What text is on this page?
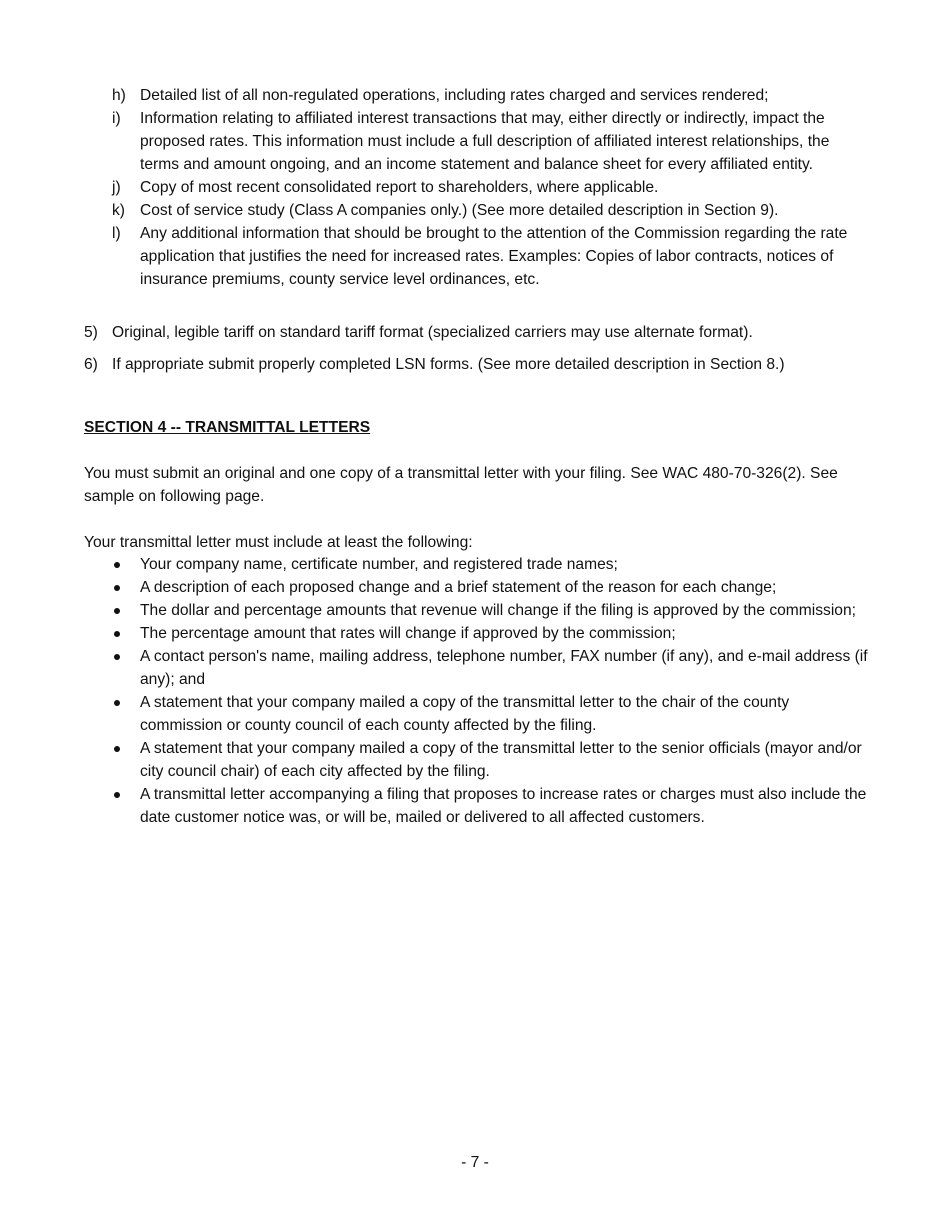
h) Detailed list of all non-regulated operations, including rates charged and services rendered;
i) Information relating to affiliated interest transactions that may, either directly or indirectly, impact the proposed rates. This information must include a full description of affiliated interest relationships, the terms and amount ongoing, and an income statement and balance sheet for every affiliated entity.
j) Copy of most recent consolidated report to shareholders, where applicable.
k) Cost of service study (Class A companies only.) (See more detailed description in Section 9).
l) Any additional information that should be brought to the attention of the Commission regarding the rate application that justifies the need for increased rates. Examples: Copies of labor contracts, notices of insurance premiums, county service level ordinances, etc.
5) Original, legible tariff on standard tariff format (specialized carriers may use alternate format).
6) If appropriate submit properly completed LSN forms. (See more detailed description in Section 8.)
SECTION 4 -- TRANSMITTAL LETTERS
You must submit an original and one copy of a transmittal letter with your filing. See WAC 480-70-326(2). See sample on following page.
Your transmittal letter must include at least the following:
Your company name, certificate number, and registered trade names;
A description of each proposed change and a brief statement of the reason for each change;
The dollar and percentage amounts that revenue will change if the filing is approved by the commission;
The percentage amount that rates will change if approved by the commission;
A contact person's name, mailing address, telephone number, FAX number (if any), and e-mail address (if any); and
A statement that your company mailed a copy of the transmittal letter to the chair of the county commission or county council of each county affected by the filing.
A statement that your company mailed a copy of the transmittal letter to the senior officials (mayor and/or city council chair) of each city affected by the filing.
A transmittal letter accompanying a filing that proposes to increase rates or charges must also include the date customer notice was, or will be, mailed or delivered to all affected customers.
- 7 -
